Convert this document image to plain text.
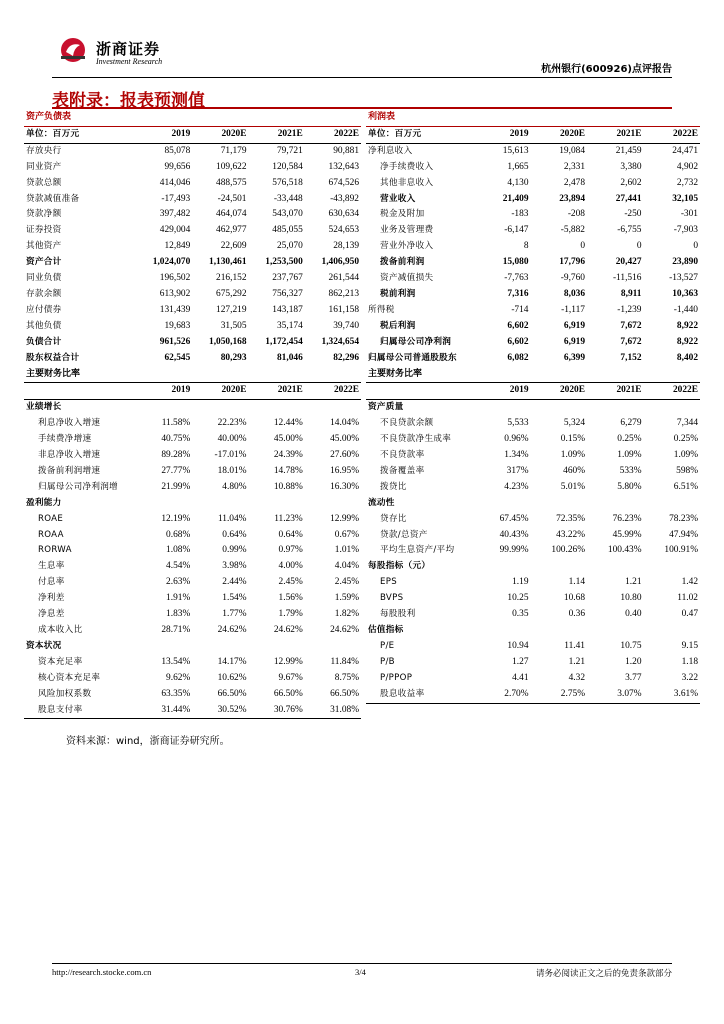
浙商证券
Investment Research
杭州银行(600926)点评报告
表附录：报表预测值
资产负债表				
单位：百万元	2019	2020E	2021E	2022E
存放央行	85,078	71,179	79,721	90,881
同业资产	99,656	109,622	120,584	132,643
贷款总额	414,046	488,575	576,518	674,526
贷款减值准备	-17,493	-24,501	-33,448	-43,892
贷款净额	397,482	464,074	543,070	630,634
证券投资	429,004	462,977	485,055	524,653
其他资产	12,849	22,609	25,070	28,139
资产合计	1,024,070	1,130,461	1,253,500	1,406,950
同业负债	196,502	216,152	237,767	261,544
存款余额	613,902	675,292	756,327	862,213
应付债券	131,439	127,219	143,187	161,158
其他负债	19,683	31,505	35,174	39,740
负债合计	961,526	1,050,168	1,172,454	1,324,654
股东权益合计	62,545	80,293	81,046	82,296
主要财务比率				
	2019	2020E	2021E	2022E
业绩增长				
利息净收入增速	11.58%	22.23%	12.44%	14.04%
手续费净增速	40.75%	40.00%	45.00%	45.00%
非息净收入增速	89.28%	-17.01%	24.39%	27.60%
拨备前利润增速	27.77%	18.01%	14.78%	16.95%
归属母公司净利润增	21.99%	4.80%	10.88%	16.30%
盈利能力				
ROAE	12.19%	11.04%	11.23%	12.99%
ROAA	0.68%	0.64%	0.64%	0.67%
RORWA	1.08%	0.99%	0.97%	1.01%
生息率	4.54%	3.98%	4.00%	4.04%
付息率	2.63%	2.44%	2.45%	2.45%
净利差	1.91%	1.54%	1.56%	1.59%
净息差	1.83%	1.77%	1.79%	1.82%
成本收入比	28.71%	24.62%	24.62%	24.62%
资本状况				
资本充足率	13.54%	14.17%	12.99%	11.84%
核心资本充足率	9.62%	10.62%	9.67%	8.75%
风险加权系数	63.35%	66.50%	66.50%	66.50%
股息支付率	31.44%	30.52%	30.76%	31.08%
利润表				
单位：百万元	2019	2020E	2021E	2022E
净利息收入	15,613	19,084	21,459	24,471
净手续费收入	1,665	2,331	3,380	4,902
其他非息收入	4,130	2,478	2,602	2,732
营业收入	21,409	23,894	27,441	32,105
税金及附加	-183	-208	-250	-301
业务及管理费	-6,147	-5,882	-6,755	-7,903
营业外净收入	8	0	0	0
拨备前利润	15,080	17,796	20,427	23,890
资产减值损失	-7,763	-9,760	-11,516	-13,527
税前利润	7,316	8,036	8,911	10,363
所得税	-714	-1,117	-1,239	-1,440
税后利润	6,602	6,919	7,672	8,922
归属母公司净利润	6,602	6,919	7,672	8,922
归属母公司普通股股东	6,082	6,399	7,152	8,402
主要财务比率				
	2019	2020E	2021E	2022E
资产质量				
不良贷款余额	5,533	5,324	6,279	7,344
不良贷款净生成率	0.96%	0.15%	0.25%	0.25%
不良贷款率	1.34%	1.09%	1.09%	1.09%
拨备覆盖率	317%	460%	533%	598%
拨贷比	4.23%	5.01%	5.80%	6.51%
流动性				
贷存比	67.45%	72.35%	76.23%	78.23%
贷款/总资产	40.43%	43.22%	45.99%	47.94%
平均生息资产/平均	99.99%	100.26%	100.43%	100.91%
每股指标（元）				
EPS	1.19	1.14	1.21	1.42
BVPS	10.25	10.68	10.80	11.02
每股股利	0.35	0.36	0.40	0.47
估值指标				
P/E	10.94	11.41	10.75	9.15
P/B	1.27	1.21	1.20	1.18
P/PPOP	4.41	4.32	3.77	3.22
股息收益率	2.70%	2.75%	3.07%	3.61%
资料来源：wind，浙商证券研究所。
http://research.stocke.com.cn	3/4	请务必阅读正文之后的免责条款部分
